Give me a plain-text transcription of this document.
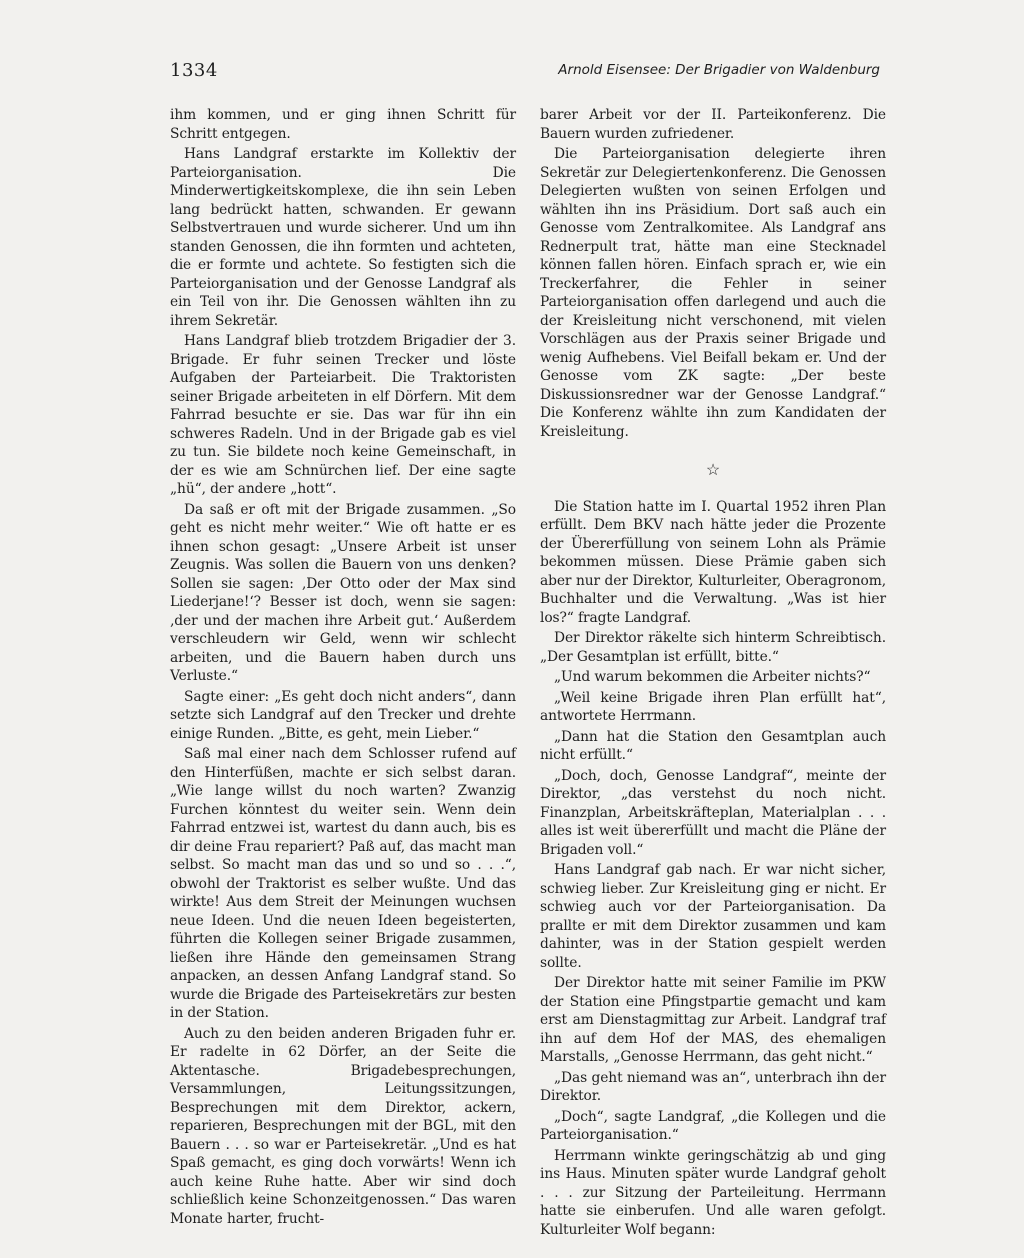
1334	Arnold Eisensee: Der Brigadier von Waldenburg

ihm kommen, und er ging ihnen Schritt für Schritt entgegen.

Hans Landgraf erstarkte im Kollektiv der Parteiorganisation. Die Minderwertigkeitskomplexe, die ihn sein Leben lang bedrückt hatten, schwanden. Er gewann Selbstvertrauen und wurde sicherer. Und um ihn standen Genossen, die ihn formten und achteten, die er formte und achtete. So festigten sich die Parteiorganisation und der Genosse Landgraf als ein Teil von ihr. Die Genossen wählten ihn zu ihrem Sekretär.

Hans Landgraf blieb trotzdem Brigadier der 3. Brigade. Er fuhr seinen Trecker und löste Aufgaben der Parteiarbeit. Die Traktoristen seiner Brigade arbeiteten in elf Dörfern. Mit dem Fahrrad besuchte er sie. Das war für ihn ein schweres Radeln. Und in der Brigade gab es viel zu tun. Sie bildete noch keine Gemeinschaft, in der es wie am Schnürchen lief. Der eine sagte „hü“, der andere „hott“.

Da saß er oft mit der Brigade zusammen. „So geht es nicht mehr weiter.“ Wie oft hatte er es ihnen schon gesagt: „Unsere Arbeit ist unser Zeugnis. Was sollen die Bauern von uns denken? Sollen sie sagen: ‚Der Otto oder der Max sind Liederjane!‘? Besser ist doch, wenn sie sagen: ‚der und der machen ihre Arbeit gut.‘ Außerdem verschleudern wir Geld, wenn wir schlecht arbeiten, und die Bauern haben durch uns Verluste.“

Sagte einer: „Es geht doch nicht anders“, dann setzte sich Landgraf auf den Trecker und drehte einige Runden. „Bitte, es geht, mein Lieber.“

Saß mal einer nach dem Schlosser rufend auf den Hinterfüßen, machte er sich selbst daran. „Wie lange willst du noch warten? Zwanzig Furchen könntest du weiter sein. Wenn dein Fahrrad entzwei ist, wartest du dann auch, bis es dir deine Frau repariert? Paß auf, das macht man selbst. So macht man das und so und so . . .“, obwohl der Traktorist es selber wußte. Und das wirkte! Aus dem Streit der Meinungen wuchsen neue Ideen. Und die neuen Ideen begeisterten, führten die Kollegen seiner Brigade zusammen, ließen ihre Hände den gemeinsamen Strang anpacken, an dessen Anfang Landgraf stand. So wurde die Brigade des Parteisekretärs zur besten in der Station.

Auch zu den beiden anderen Brigaden fuhr er. Er radelte in 62 Dörfer, an der Seite die Aktentasche. Brigadebesprechungen, Versammlungen, Leitungssitzungen, Besprechungen mit dem Direktor, ackern, reparieren, Besprechungen mit der BGL, mit den Bauern . . . so war er Parteisekretär. „Und es hat Spaß gemacht, es ging doch vorwärts! Wenn ich auch keine Ruhe hatte. Aber wir sind doch schließlich keine Schonzeitgenossen.“ Das waren Monate harter, frucht-

barer Arbeit vor der II. Parteikonferenz. Die Bauern wurden zufriedener.

Die Parteiorganisation delegierte ihren Sekretär zur Delegiertenkonferenz. Die Genossen Delegierten wußten von seinen Erfolgen und wählten ihn ins Präsidium. Dort saß auch ein Genosse vom Zentralkomitee. Als Landgraf ans Rednerpult trat, hätte man eine Stecknadel können fallen hören. Einfach sprach er, wie ein Treckerfahrer, die Fehler in seiner Parteiorganisation offen darlegend und auch die der Kreisleitung nicht verschonend, mit vielen Vorschlägen aus der Praxis seiner Brigade und wenig Aufhebens. Viel Beifall bekam er. Und der Genosse vom ZK sagte: „Der beste Diskussionsredner war der Genosse Landgraf.“ Die Konferenz wählte ihn zum Kandidaten der Kreisleitung.

☆

Die Station hatte im I. Quartal 1952 ihren Plan erfüllt. Dem BKV nach hätte jeder die Prozente der Übererfüllung von seinem Lohn als Prämie bekommen müssen. Diese Prämie gaben sich aber nur der Direktor, Kulturleiter, Oberagronom, Buchhalter und die Verwaltung. „Was ist hier los?“ fragte Landgraf.

Der Direktor räkelte sich hinterm Schreibtisch. „Der Gesamtplan ist erfüllt, bitte.“

„Und warum bekommen die Arbeiter nichts?“

„Weil keine Brigade ihren Plan erfüllt hat“, antwortete Herrmann.

„Dann hat die Station den Gesamtplan auch nicht erfüllt.“

„Doch, doch, Genosse Landgraf“, meinte der Direktor, „das verstehst du noch nicht. Finanzplan, Arbeitskräfteplan, Materialplan . . . alles ist weit übererfüllt und macht die Pläne der Brigaden voll.“

Hans Landgraf gab nach. Er war nicht sicher, schwieg lieber. Zur Kreisleitung ging er nicht. Er schwieg auch vor der Parteiorganisation. Da prallte er mit dem Direktor zusammen und kam dahinter, was in der Station gespielt werden sollte.

Der Direktor hatte mit seiner Familie im PKW der Station eine Pfingstpartie gemacht und kam erst am Dienstagmittag zur Arbeit. Landgraf traf ihn auf dem Hof der MAS, des ehemaligen Marstalls, „Genosse Herrmann, das geht nicht.“

„Das geht niemand was an“, unterbrach ihn der Direktor.

„Doch“, sagte Landgraf, „die Kollegen und die Parteiorganisation.“

Herrmann winkte geringschätzig ab und ging ins Haus. Minuten später wurde Landgraf geholt . . . zur Sitzung der Parteileitung. Herrmann hatte sie einberufen. Und alle waren gefolgt. Kulturleiter Wolf begann:
